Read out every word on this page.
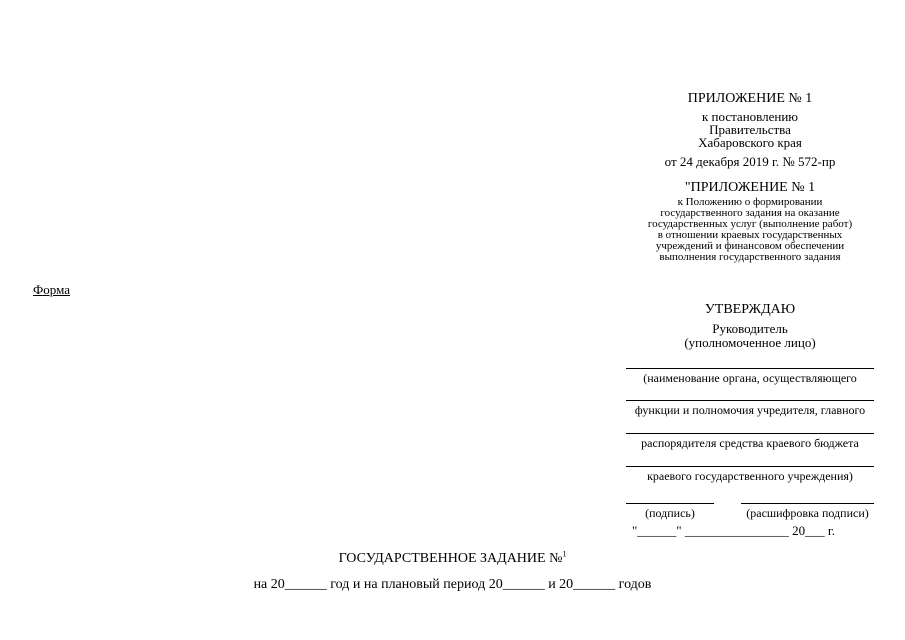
ПРИЛОЖЕНИЕ № 1
к постановлению
Правительства
Хабаровского края
от 24 декабря 2019 г. № 572-пр
"ПРИЛОЖЕНИЕ № 1
к Положению о формировании
государственного задания на оказание
государственных услуг (выполнение работ)
в отношении краевых государственных
учреждений и финансовом обеспечении
выполнения государственного задания
Форма
УТВЕРЖДАЮ
Руководитель
(уполномоченное лицо)
(наименование органа, осуществляющего
функции и полномочия учредителя, главного
распорядителя средства краевого бюджета
краевого государственного учреждения)
(подпись)	(расшифровка подписи)
"______" ________________ 20___ г.
ГОСУДАРСТВЕННОЕ ЗАДАНИЕ №$^1$
на 20______ год и на плановый период 20______ и 20______ годов
